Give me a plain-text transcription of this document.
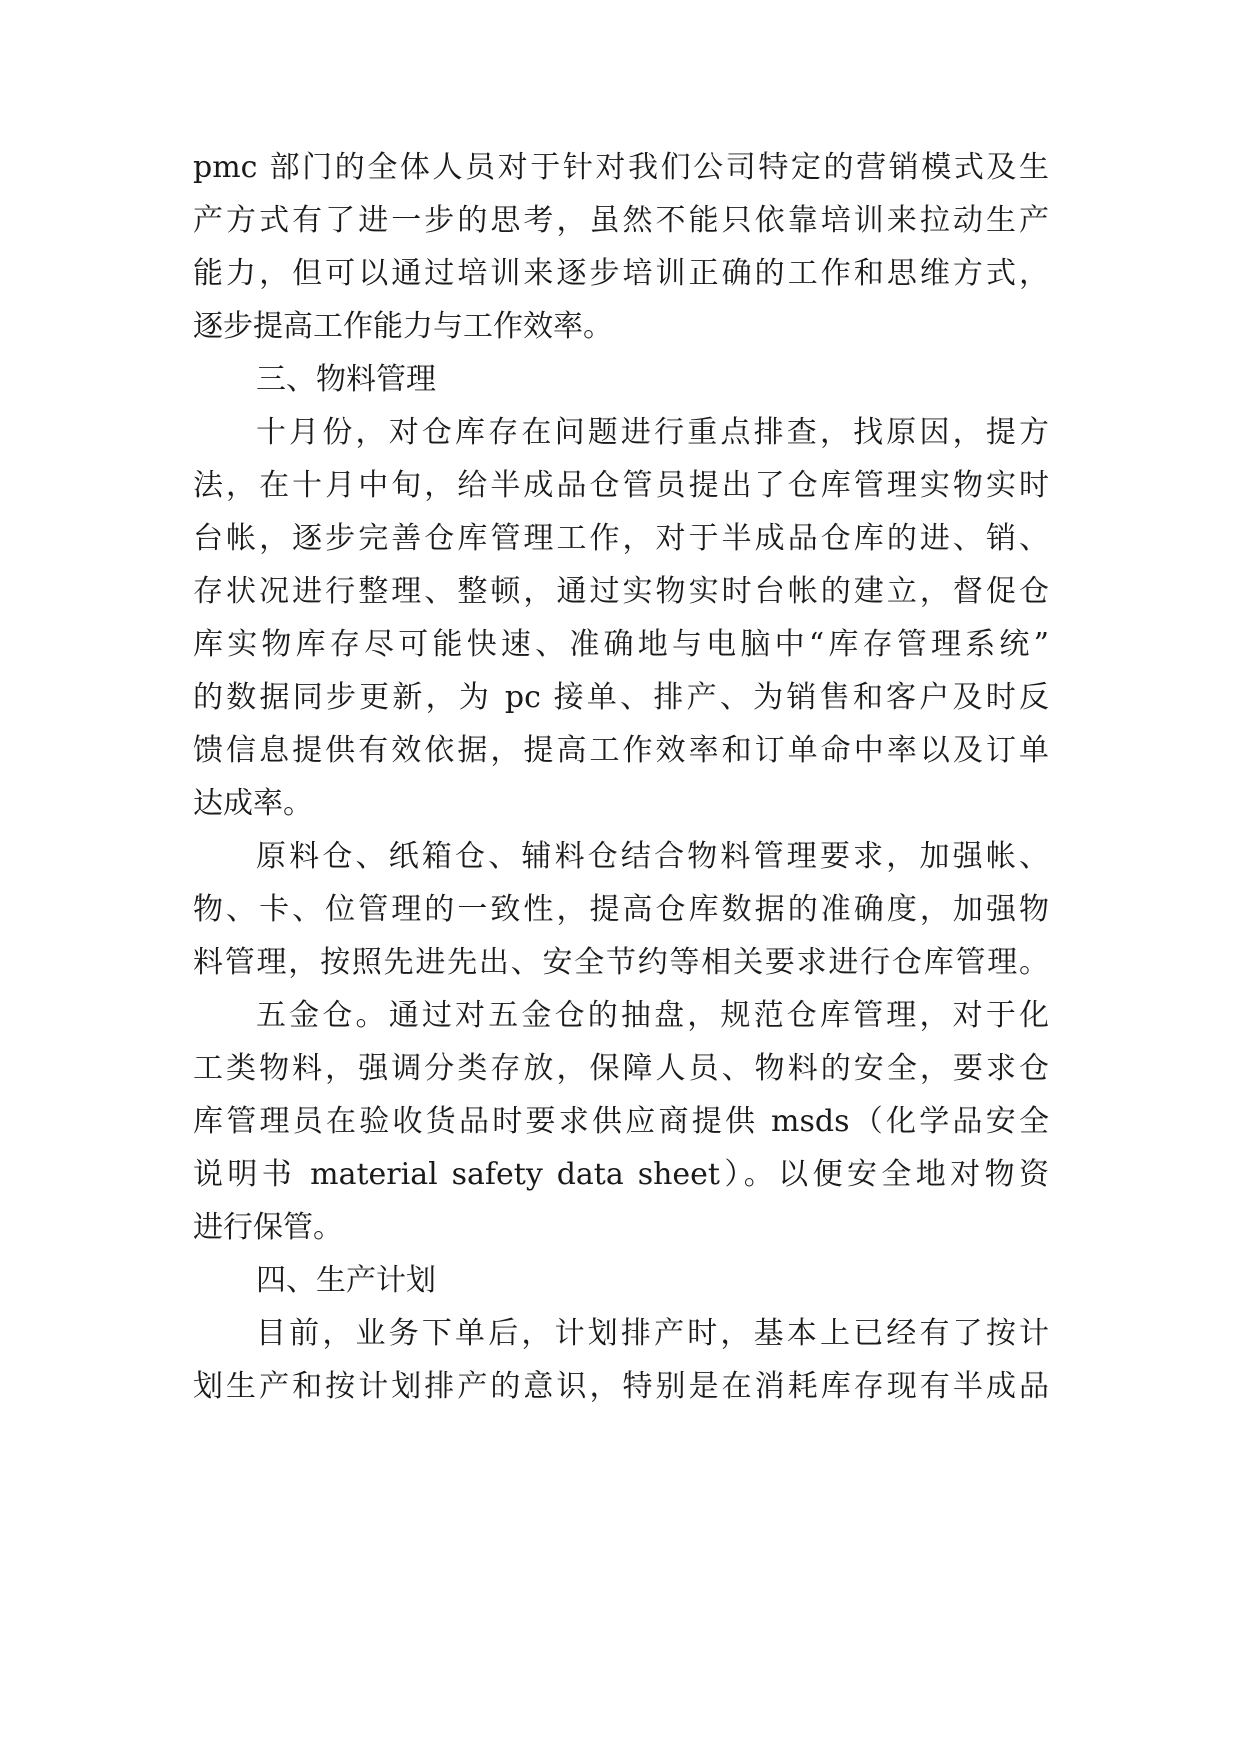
pmc 部门的全体人员对于针对我们公司特定的营销模式及生
产方式有了进一步的思考，虽然不能只依靠培训来拉动生产
能力，但可以通过培训来逐步培训正确的工作和思维方式，
逐步提高工作能力与工作效率。
三、物料管理
十月份，对仓库存在问题进行重点排查，找原因，提方
法，在十月中旬，给半成品仓管员提出了仓库管理实物实时
台帐，逐步完善仓库管理工作，对于半成品仓库的进、销、
存状况进行整理、整顿，通过实物实时台帐的建立，督促仓
库实物库存尽可能快速、准确地与电脑中“库存管理系统”
的数据同步更新，为 pc 接单、排产、为销售和客户及时反
馈信息提供有效依据，提高工作效率和订单命中率以及订单
达成率。
原料仓、纸箱仓、辅料仓结合物料管理要求，加强帐、
物、卡、位管理的一致性，提高仓库数据的准确度，加强物
料管理，按照先进先出、安全节约等相关要求进行仓库管理。
五金仓。通过对五金仓的抽盘，规范仓库管理，对于化
工类物料，强调分类存放，保障人员、物料的安全，要求仓
库管理员在验收货品时要求供应商提供 msds（化学品安全
说明书 material safety data sheet）。以便安全地对物资
进行保管。
四、生产计划
目前，业务下单后，计划排产时，基本上已经有了按计
划生产和按计划排产的意识，特别是在消耗库存现有半成品
